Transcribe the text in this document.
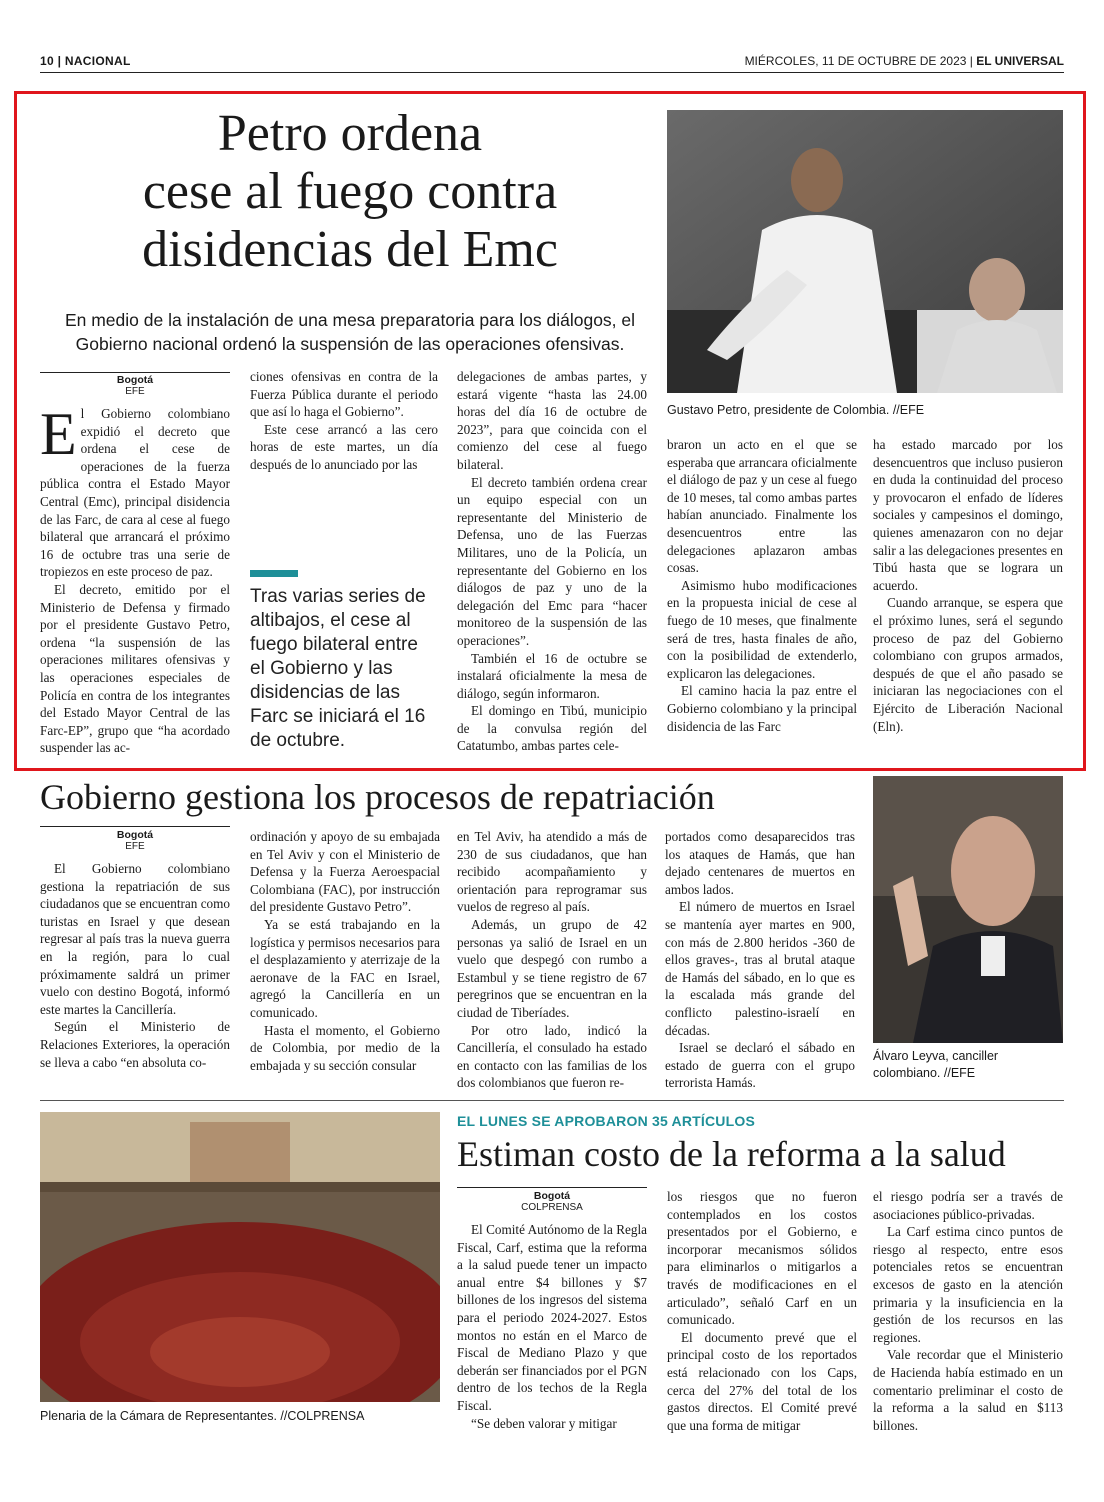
10 | NACIONAL	MIÉRCOLES, 11 DE OCTUBRE DE 2023 | EL UNIVERSAL
Petro ordena
cese al fuego contra
disidencias del Emc
En medio de la instalación de una mesa preparatoria para los diálogos, el Gobierno nacional ordenó la suspensión de las operaciones ofensivas.
Gustavo Petro, presidente de Colombia. //EFE
Bogotá
EFE

El Gobierno colombiano expidió el decreto que ordena el cese de operaciones de la fuerza pública contra el Estado Mayor Central (Emc), principal disidencia de las Farc, de cara al cese al fuego bilateral que arrancará el próximo 16 de octubre tras una serie de tropiezos en este proceso de paz.

El decreto, emitido por el Ministerio de Defensa y firmado por el presidente Gustavo Petro, ordena “la suspensión de las operaciones militares ofensivas y las operaciones especiales de Policía en contra de los integrantes del Estado Mayor Central de las Farc-EP”, grupo que “ha acordado suspender las ac-

ciones ofensivas en contra de la Fuerza Pública durante el periodo que así lo haga el Gobierno”.

Este cese arrancó a las cero horas de este martes, un día después de lo anunciado por las

Tras varias series de altibajos, el cese al fuego bilateral entre el Gobierno y las disidencias de las Farc se iniciará el 16 de octubre.

delegaciones de ambas partes, y estará vigente “hasta las 24.00 horas del día 16 de octubre de 2023”, para que coincida con el comienzo del cese al fuego bilateral.

El decreto también ordena crear un equipo especial con un representante del Ministerio de Defensa, uno de las Fuerzas Militares, uno de la Policía, un representante del Gobierno en los diálogos de paz y uno de la delegación del Emc para “hacer monitoreo de la suspensión de las operaciones”.

También el 16 de octubre se instalará oficialmente la mesa de diálogo, según informaron.

El domingo en Tibú, municipio de la convulsa región del Catatumbo, ambas partes cele-

braron un acto en el que se esperaba que arrancara oficialmente el diálogo de paz y un cese al fuego de 10 meses, tal como ambas partes habían anunciado. Finalmente los desencuentros entre las delegaciones aplazaron ambas cosas.

Asimismo hubo modificaciones en la propuesta inicial de cese al fuego de 10 meses, que finalmente será de tres, hasta finales de año, con la posibilidad de extenderlo, explicaron las delegaciones.

El camino hacia la paz entre el Gobierno colombiano y la principal disidencia de las Farc

ha estado marcado por los desencuentros que incluso pusieron en duda la continuidad del proceso y provocaron el enfado de líderes sociales y campesinos el domingo, quienes amenazaron con no dejar salir a las delegaciones presentes en Tibú hasta que se lograra un acuerdo.

Cuando arranque, se espera que el próximo lunes, será el segundo proceso de paz del Gobierno colombiano con grupos armados, después de que el año pasado se iniciaran las negociaciones con el Ejército de Liberación Nacional (Eln).

Gobierno gestiona los procesos de repatriación
Bogotá
EFE

El Gobierno colombiano gestiona la repatriación de sus ciudadanos que se encuentran como turistas en Israel y que desean regresar al país tras la nueva guerra en la región, para lo cual próximamente saldrá un primer vuelo con destino Bogotá, informó este martes la Cancillería.

Según el Ministerio de Relaciones Exteriores, la operación se lleva a cabo “en absoluta co-

ordinación y apoyo de su embajada en Tel Aviv y con el Ministerio de Defensa y la Fuerza Aeroespacial Colombiana (FAC), por instrucción del presidente Gustavo Petro”.

Ya se está trabajando en la logística y permisos necesarios para el desplazamiento y aterrizaje de la aeronave de la FAC en Israel, agregó la Cancillería en un comunicado.

Hasta el momento, el Gobierno de Colombia, por medio de la embajada y su sección consular

en Tel Aviv, ha atendido a más de 230 de sus ciudadanos, que han recibido acompañamiento y orientación para reprogramar sus vuelos de regreso al país.

Además, un grupo de 42 personas ya salió de Israel en un vuelo que despegó con rumbo a Estambul y se tiene registro de 67 peregrinos que se encuentran en la ciudad de Tiberíades.

Por otro lado, indicó la Cancillería, el consulado ha estado en contacto con las familias de los dos colombianos que fueron re-

portados como desaparecidos tras los ataques de Hamás, que han dejado centenares de muertos en ambos lados.

El número de muertos en Israel se mantenía ayer martes en 900, con más de 2.800 heridos -360 de ellos graves-, tras al brutal ataque de Hamás del sábado, en lo que es la escalada más grande del conflicto palestino-israelí en décadas.

Israel se declaró el sábado en estado de guerra con el grupo terrorista Hamás.

Álvaro Leyva, canciller colombiano. //EFE
Plenaria de la Cámara de Representantes. //COLPRENSA
EL LUNES SE APROBARON 35 ARTÍCULOS
Estiman costo de la reforma a la salud
Bogotá
COLPRENSA

El Comité Autónomo de la Regla Fiscal, Carf, estima que la reforma a la salud puede tener un impacto anual entre $4 billones y $7 billones de los ingresos del sistema para el periodo 2024-2027. Estos montos no están en el Marco de Fiscal de Mediano Plazo y que deberán ser financiados por el PGN dentro de los techos de la Regla Fiscal.

“Se deben valorar y mitigar

los riesgos que no fueron contemplados en los costos presentados por el Gobierno, e incorporar mecanismos sólidos para eliminarlos o mitigarlos a través de modificaciones en el articulado”, señaló Carf en un comunicado.

El documento prevé que el principal costo de los reportados está relacionado con los Caps, cerca del 27% del total de los gastos directos. El Comité prevé que una forma de mitigar

el riesgo podría ser a través de asociaciones público-privadas.

La Carf estima cinco puntos de riesgo al respecto, entre esos potenciales retos se encuentran excesos de gasto en la atención primaria y la insuficiencia en la gestión de los recursos en las regiones.

Vale recordar que el Ministerio de Hacienda había estimado en un comentario preliminar el costo de la reforma a la salud en $113 billones.
